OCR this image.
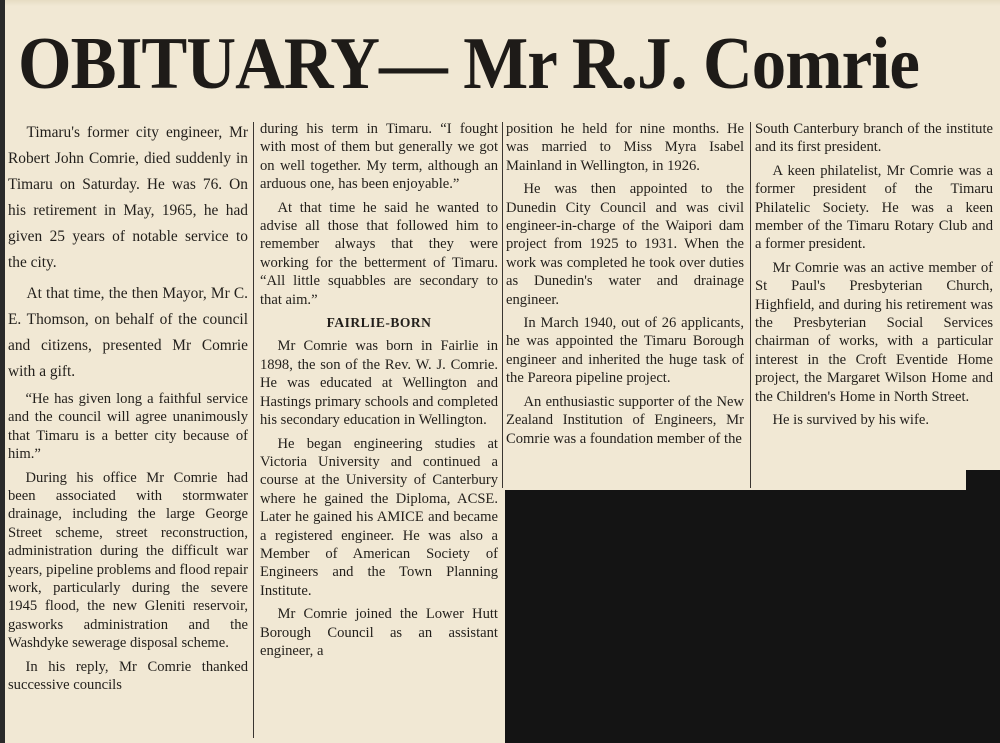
OBITUARY— Mr R.J. Comrie

Timaru's former city engineer, Mr Robert John Comrie, died suddenly in Timaru on Saturday. He was 76. On his retirement in May, 1965, he had given 25 years of notable service to the city.

At that time, the then Mayor, Mr C. E. Thomson, on behalf of the council and citizens, presented Mr Comrie with a gift.

“He has given long a faithful service and the council will agree unanimously that Timaru is a better city because of him.”

During his office Mr Comrie had been associated with stormwater drainage, including the large George Street scheme, street reconstruction, administration during the difficult war years, pipeline problems and flood repair work, particularly during the severe 1945 flood, the new Gleniti reservoir, gasworks administration and the Washdyke sewerage disposal scheme.

In his reply, Mr Comrie thanked successive councils

during his term in Timaru. “I fought with most of them but generally we got on well together. My term, although an arduous one, has been enjoyable.”

At that time he said he wanted to advise all those that followed him to remember always that they were working for the betterment of Timaru. “All little squabbles are secondary to that aim.”

FAIRLIE-BORN

Mr Comrie was born in Fairlie in 1898, the son of the Rev. W. J. Comrie. He was educated at Wellington and Hastings primary schools and completed his secondary education in Wellington.

He began engineering studies at Victoria University and continued a course at the University of Canterbury where he gained the Diploma, ACSE. Later he gained his AMICE and became a registered engineer. He was also a Member of American Society of Engineers and the Town Planning Institute.

Mr Comrie joined the Lower Hutt Borough Council as an assistant engineer, a

position he held for nine months. He was married to Miss Myra Isabel Mainland in Wellington, in 1926.

He was then appointed to the Dunedin City Council and was civil engineer-in-charge of the Waipori dam project from 1925 to 1931. When the work was completed he took over duties as Dunedin's water and drainage engineer.

In March 1940, out of 26 applicants, he was appointed the Timaru Borough engineer and inherited the huge task of the Pareora pipeline project.

An enthusiastic supporter of the New Zealand Institution of Engineers, Mr Comrie was a foundation member of the

South Canterbury branch of the institute and its first president.

A keen philatelist, Mr Comrie was a former president of the Timaru Philatelic Society. He was a keen member of the Timaru Rotary Club and a former president.

Mr Comrie was an active member of St Paul's Presbyterian Church, Highfield, and during his retirement was the Presbyterian Social Services chairman of works, with a particular interest in the Croft Eventide Home project, the Margaret Wilson Home and the Children's Home in North Street.

He is survived by his wife.
